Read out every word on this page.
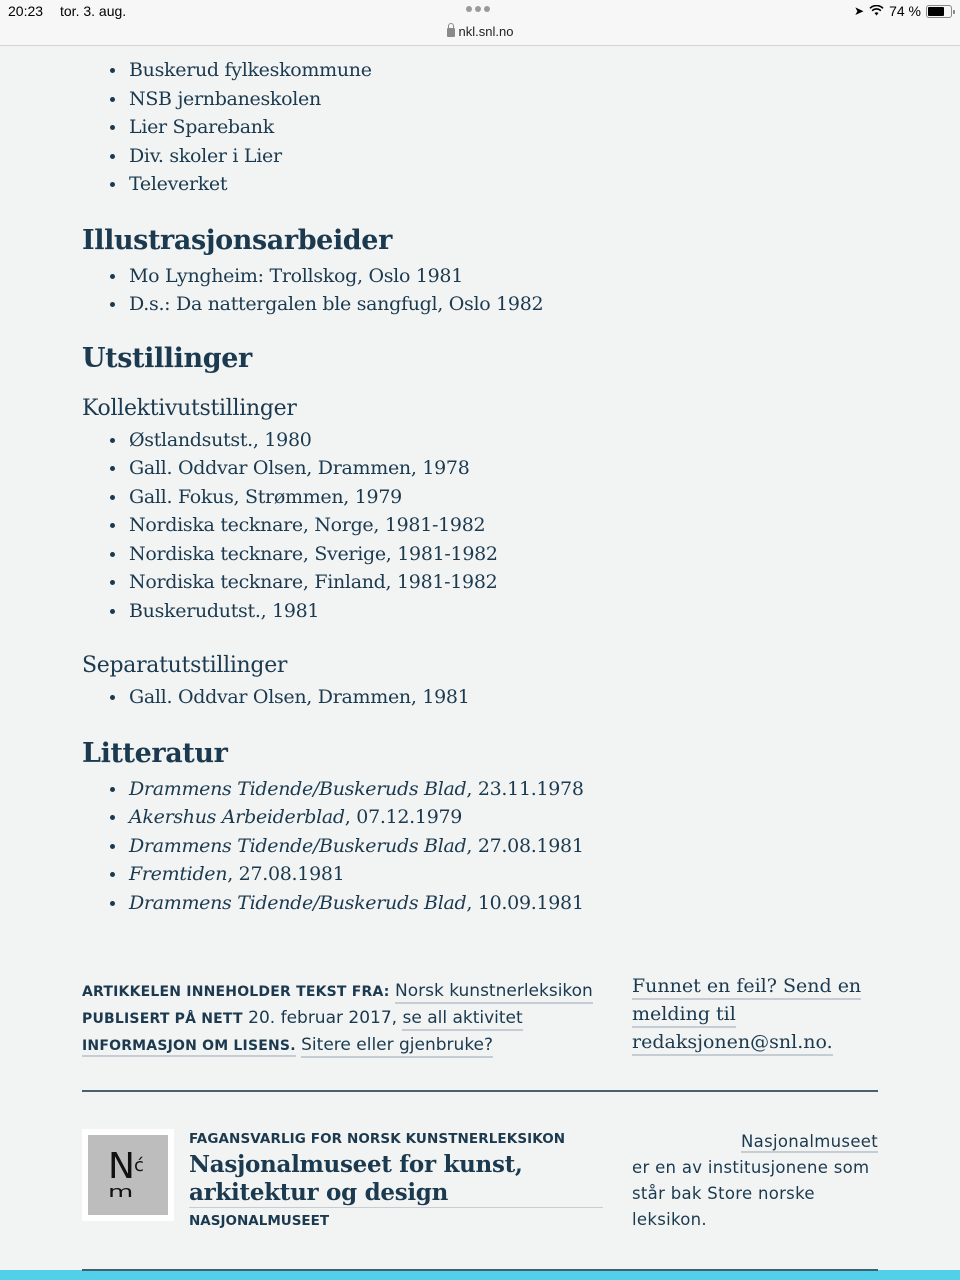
20:23 tor. 3. aug.
nkl.snl.no
➤ 74 %
Buskerud fylkeskommune
NSB jernbaneskolen
Lier Sparebank
Div. skoler i Lier
Televerket
Illustrasjonsarbeider
Mo Lyngheim: Trollskog, Oslo 1981
D.s.: Da nattergalen ble sangfugl, Oslo 1982
Utstillinger
Kollektivutstillinger
Østlandsutst., 1980
Gall. Oddvar Olsen, Drammen, 1978
Gall. Fokus, Strømmen, 1979
Nordiska tecknare, Norge, 1981-1982
Nordiska tecknare, Sverige, 1981-1982
Nordiska tecknare, Finland, 1981-1982
Buskerudutst., 1981
Separatutstillinger
Gall. Oddvar Olsen, Drammen, 1981
Litteratur
Drammens Tidende/Buskeruds Blad, 23.11.1978
Akershus Arbeiderblad, 07.12.1979
Drammens Tidende/Buskeruds Blad, 27.08.1981
Fremtiden, 27.08.1981
Drammens Tidende/Buskeruds Blad, 10.09.1981
ARTIKKELEN INNEHOLDER TEKST FRA: Norsk kunstnerleksikon
PUBLISERT PÅ NETT 20. februar 2017, se all aktivitet
INFORMASJON OM LISENS. Sitere eller gjenbruke?
Funnet en feil? Send en
melding til
redaksjonen@snl.no.
N ć
m
FAGANSVARLIG FOR NORSK KUNSTNERLEKSIKON
Nasjonalmuseet for kunst, arkitektur og design
NASJONALMUSEET
Nasjonalmuseet
er en av institusjonene som står bak Store norske leksikon.
